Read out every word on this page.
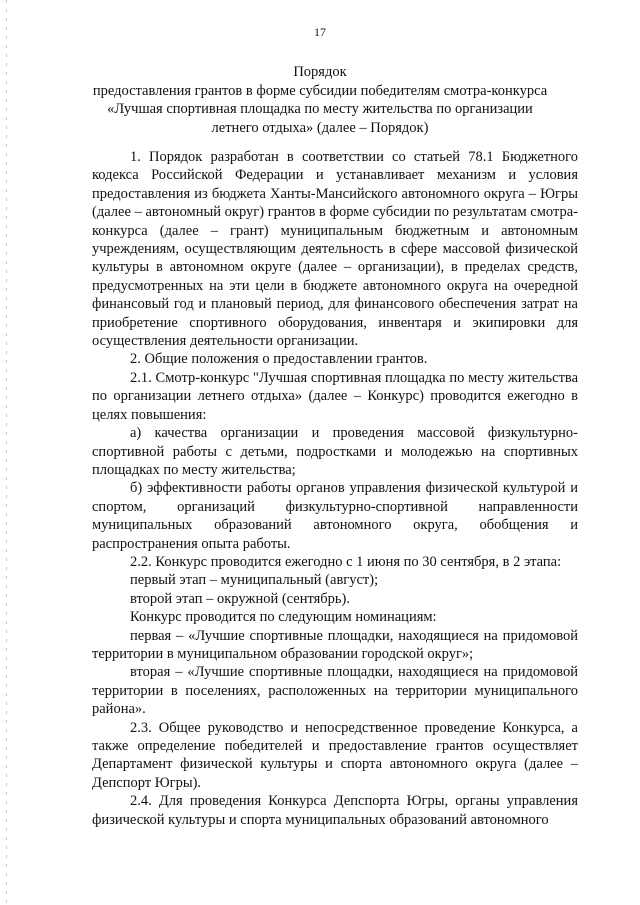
17
Порядок
предоставления грантов в форме субсидии победителям смотра-конкурса
«Лучшая спортивная площадка по месту жительства по организации
летнего отдыха» (далее – Порядок)

1. Порядок разработан в соответствии со статьей 78.1 Бюджетного кодекса Российской Федерации и устанавливает механизм и условия предоставления из бюджета Ханты-Мансийского автономного округа – Югры (далее – автономный округ) грантов в форме субсидии по результатам смотра-конкурса (далее – грант) муниципальным бюджетным и автономным учреждениям, осуществляющим деятельность в сфере массовой физической культуры в автономном округе (далее – организации), в пределах средств, предусмотренных на эти цели в бюджете автономного округа на очередной финансовый год и плановый период, для финансового обеспечения затрат на приобретение спортивного оборудования, инвентаря и экипировки для осуществления деятельности организации.

2. Общие положения о предоставлении грантов.

2.1. Смотр-конкурс "Лучшая спортивная площадка по месту жительства по организации летнего отдыха» (далее – Конкурс) проводится ежегодно в целях повышения:

а) качества организации и проведения массовой физкультурно-спортивной работы с детьми, подростками и молодежью на спортивных площадках по месту жительства;

б) эффективности работы органов управления физической культурой и спортом, организаций физкультурно-спортивной направленности муниципальных образований автономного округа, обобщения и распространения опыта работы.

2.2. Конкурс проводится ежегодно с 1 июня по 30 сентября, в 2 этапа:

первый этап – муниципальный (август);

второй этап – окружной (сентябрь).

Конкурс проводится по следующим номинациям:

первая – «Лучшие спортивные площадки, находящиеся на придомовой территории в муниципальном образовании городской округ»;

вторая – «Лучшие спортивные площадки, находящиеся на придомовой территории в поселениях, расположенных на территории муниципального района».

2.3. Общее руководство и непосредственное проведение Конкурса, а также определение победителей и предоставление грантов осуществляет Департамент физической культуры и спорта автономного округа (далее – Депспорт Югры).

2.4. Для проведения Конкурса Депспорта Югры, органы управления физической культуры и спорта муниципальных образований автономного
